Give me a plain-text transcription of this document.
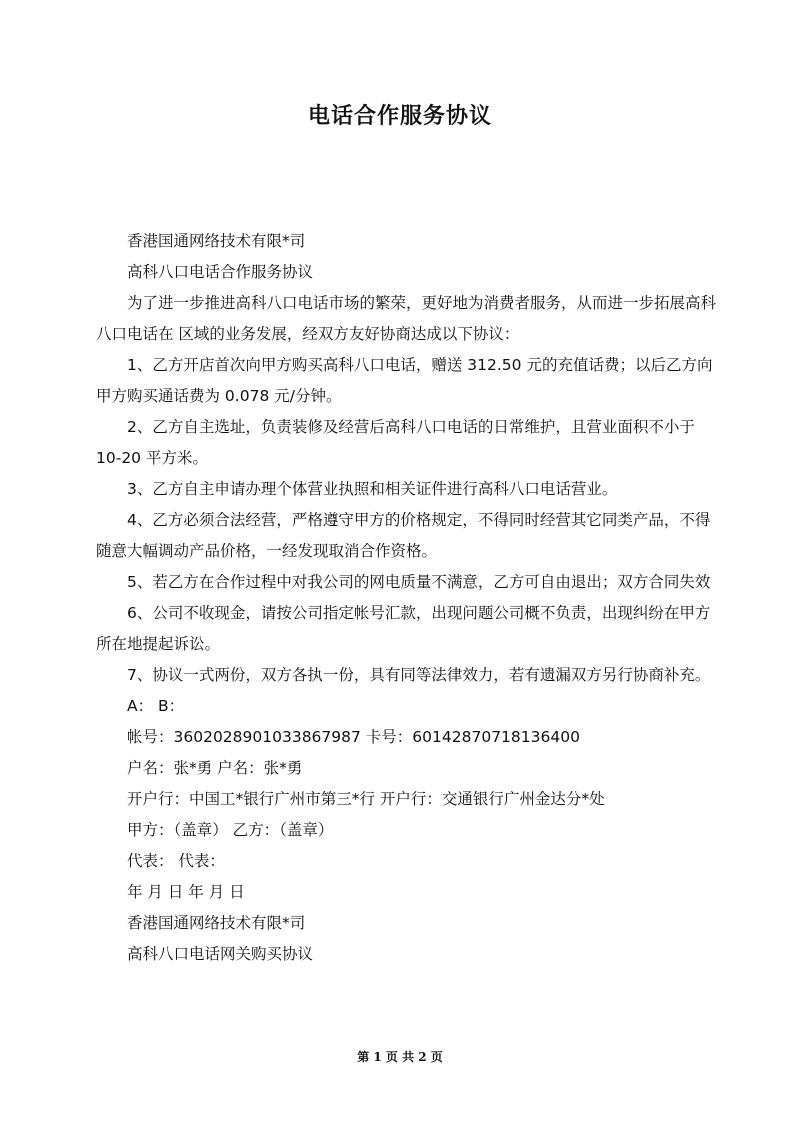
电话合作服务协议

香港国通网络技术有限*司

高科八口电话合作服务协议

为了进一步推进高科八口电话市场的繁荣，更好地为消费者服务，从而进一步拓展高科八口电话在 区域的业务发展，经双方友好协商达成以下协议：

1、乙方开店首次向甲方购买高科八口电话，赠送 312.50 元的充值话费；以后乙方向甲方购买通话费为 0.078 元/分钟。

2、乙方自主选址，负责装修及经营后高科八口电话的日常维护，且营业面积不小于10-20 平方米。

3、乙方自主申请办理个体营业执照和相关证件进行高科八口电话营业。

4、乙方必须合法经营，严格遵守甲方的价格规定，不得同时经营其它同类产品，不得随意大幅调动产品价格，一经发现取消合作资格。

5、若乙方在合作过程中对我公司的网电质量不满意，乙方可自由退出；双方合同失效

6、公司不收现金，请按公司指定帐号汇款，出现问题公司概不负责，出现纠纷在甲方所在地提起诉讼。

7、协议一式两份，双方各执一份，具有同等法律效力，若有遗漏双方另行协商补充。

A： B：

帐号：3602028901033867987 卡号：60142870718136400

户名：张*勇 户名：张*勇

开户行：中国工*银行广州市第三*行 开户行：交通银行广州金达分*处

甲方：（盖章） 乙方：（盖章）

代表： 代表：

年 月 日 年 月 日

香港国通网络技术有限*司

高科八口电话网关购买协议

第 1 页 共 2 页
